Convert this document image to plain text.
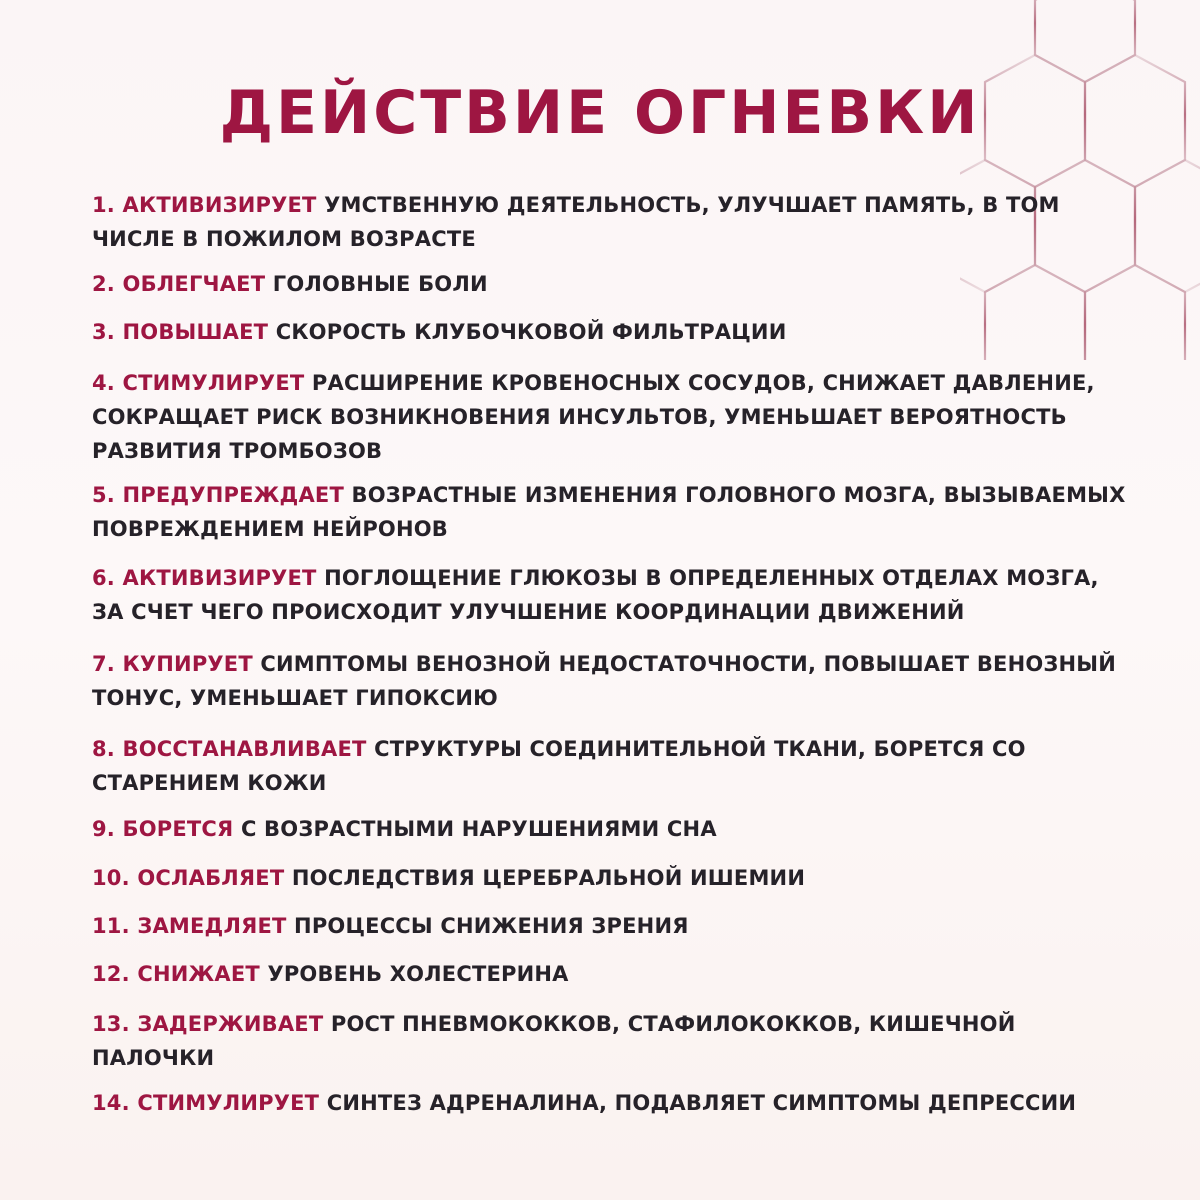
ДЕЙСТВИЕ ОГНЕВКИ
1. АКТИВИЗИРУЕТ УМСТВЕННУЮ ДЕЯТЕЛЬНОСТЬ, УЛУЧШАЕТ ПАМЯТЬ, В ТОМ ЧИСЛЕ В ПОЖИЛОМ ВОЗРАСТЕ
2. ОБЛЕГЧАЕТ ГОЛОВНЫЕ БОЛИ
3. ПОВЫШАЕТ СКОРОСТЬ КЛУБОЧКОВОЙ ФИЛЬТРАЦИИ
4. СТИМУЛИРУЕТ РАСШИРЕНИЕ КРОВЕНОСНЫХ СОСУДОВ, СНИЖАЕТ ДАВЛЕНИЕ, СОКРАЩАЕТ РИСК ВОЗНИКНОВЕНИЯ ИНСУЛЬТОВ, УМЕНЬШАЕТ ВЕРОЯТНОСТЬ РАЗВИТИЯ ТРОМБОЗОВ
5. ПРЕДУПРЕЖДАЕТ ВОЗРАСТНЫЕ ИЗМЕНЕНИЯ ГОЛОВНОГО МОЗГА, ВЫЗЫВАЕМЫХ ПОВРЕЖДЕНИЕМ НЕЙРОНОВ
6. АКТИВИЗИРУЕТ ПОГЛОЩЕНИЕ ГЛЮКОЗЫ В ОПРЕДЕЛЕННЫХ ОТДЕЛАХ МОЗГА, ЗА СЧЕТ ЧЕГО ПРОИСХОДИТ УЛУЧШЕНИЕ КООРДИНАЦИИ ДВИЖЕНИЙ
7. КУПИРУЕТ СИМПТОМЫ ВЕНОЗНОЙ НЕДОСТАТОЧНОСТИ, ПОВЫШАЕТ ВЕНОЗНЫЙ ТОНУС, УМЕНЬШАЕТ ГИПОКСИЮ
8. ВОССТАНАВЛИВАЕТ СТРУКТУРЫ СОЕДИНИТЕЛЬНОЙ ТКАНИ, БОРЕТСЯ СО СТАРЕНИЕМ КОЖИ
9. БОРЕТСЯ С ВОЗРАСТНЫМИ НАРУШЕНИЯМИ СНА
10. ОСЛАБЛЯЕТ ПОСЛЕДСТВИЯ ЦЕРЕБРАЛЬНОЙ ИШЕМИИ
11. ЗАМЕДЛЯЕТ ПРОЦЕССЫ СНИЖЕНИЯ ЗРЕНИЯ
12. СНИЖАЕТ УРОВЕНЬ ХОЛЕСТЕРИНА
13. ЗАДЕРЖИВАЕТ РОСТ ПНЕВМОКОККОВ, СТАФИЛОКОККОВ, КИШЕЧНОЙ ПАЛОЧКИ
14. СТИМУЛИРУЕТ СИНТЕЗ АДРЕНАЛИНА, ПОДАВЛЯЕТ СИМПТОМЫ ДЕПРЕССИИ
